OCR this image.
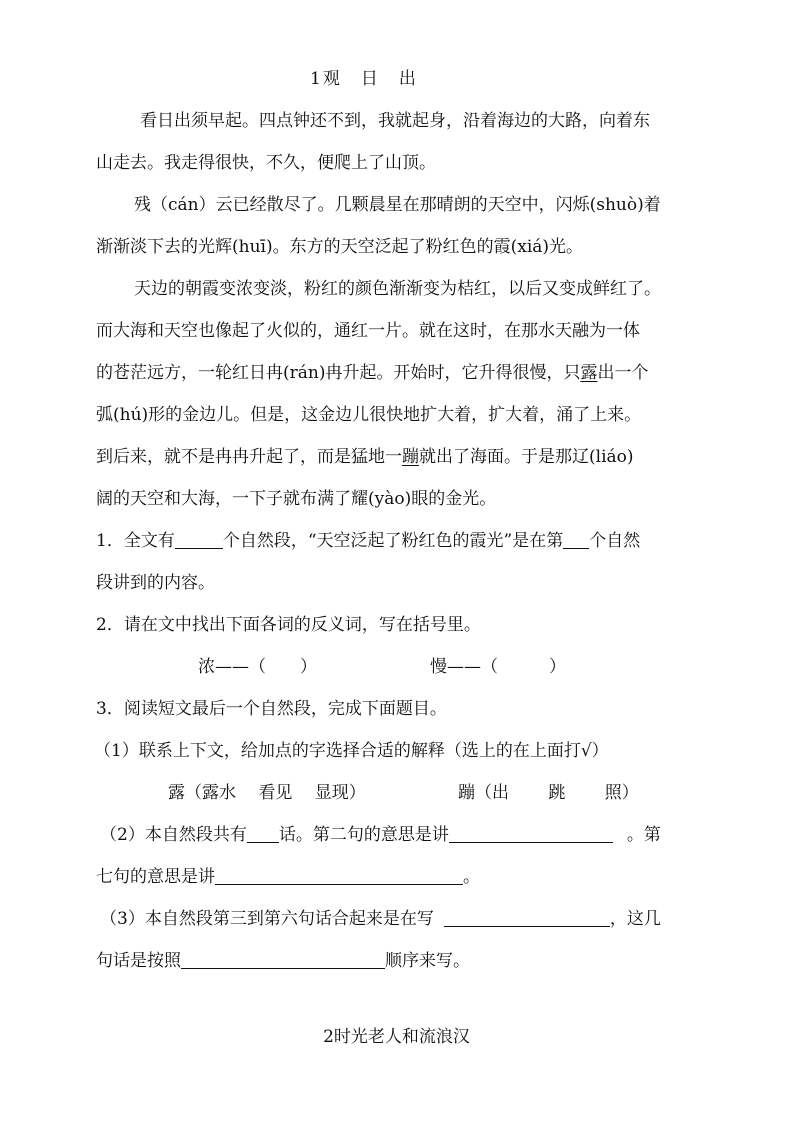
1观　日　出
看日出须早起。四点钟还不到，我就起身，沿着海边的大路，向着东
山走去。我走得很快，不久，便爬上了山顶。
残（cán）云已经散尽了。几颗晨星在那晴朗的天空中，闪烁(shuò)着
渐渐淡下去的光辉(huī)。东方的天空泛起了粉红色的霞(xiá)光。
天边的朝霞变浓变淡，粉红的颜色渐渐变为桔红，以后又变成鲜红了。
而大海和天空也像起了火似的，通红一片。就在这时，在那水天融为一体
的苍茫远方，一轮红日冉(rán)冉升起。开始时，它升得很慢，只露出一个
弧(hú)形的金边儿。但是，这金边儿很快地扩大着，扩大着，涌了上来。
到后来，就不是冉冉升起了，而是猛地一蹦就出了海面。于是那辽(liáo)
阔的天空和大海，一下子就布满了耀(yào)眼的金光。
1．全文有	个自然段，“天空泛起了粉红色的霞光”是在第 个自然
段讲到的内容。
2．请在文中找出下面各词的反义词，写在括号里。
浓——（　　）	慢——（　　　）
3．阅读短文最后一个自然段，完成下面题目。
（1）联系上下文，给加点的字选择合适的解释（选上的在上面打√）
露（露水　 看见　 显现）	蹦（出　　 跳　　 照）
（2）本自然段共有 话。第二句的意思是讲	。第
七句的意思是讲	。
（3）本自然段第三到第六句话合起来是在写	，这几
句话是按照	顺序来写。
2时光老人和流浪汉
